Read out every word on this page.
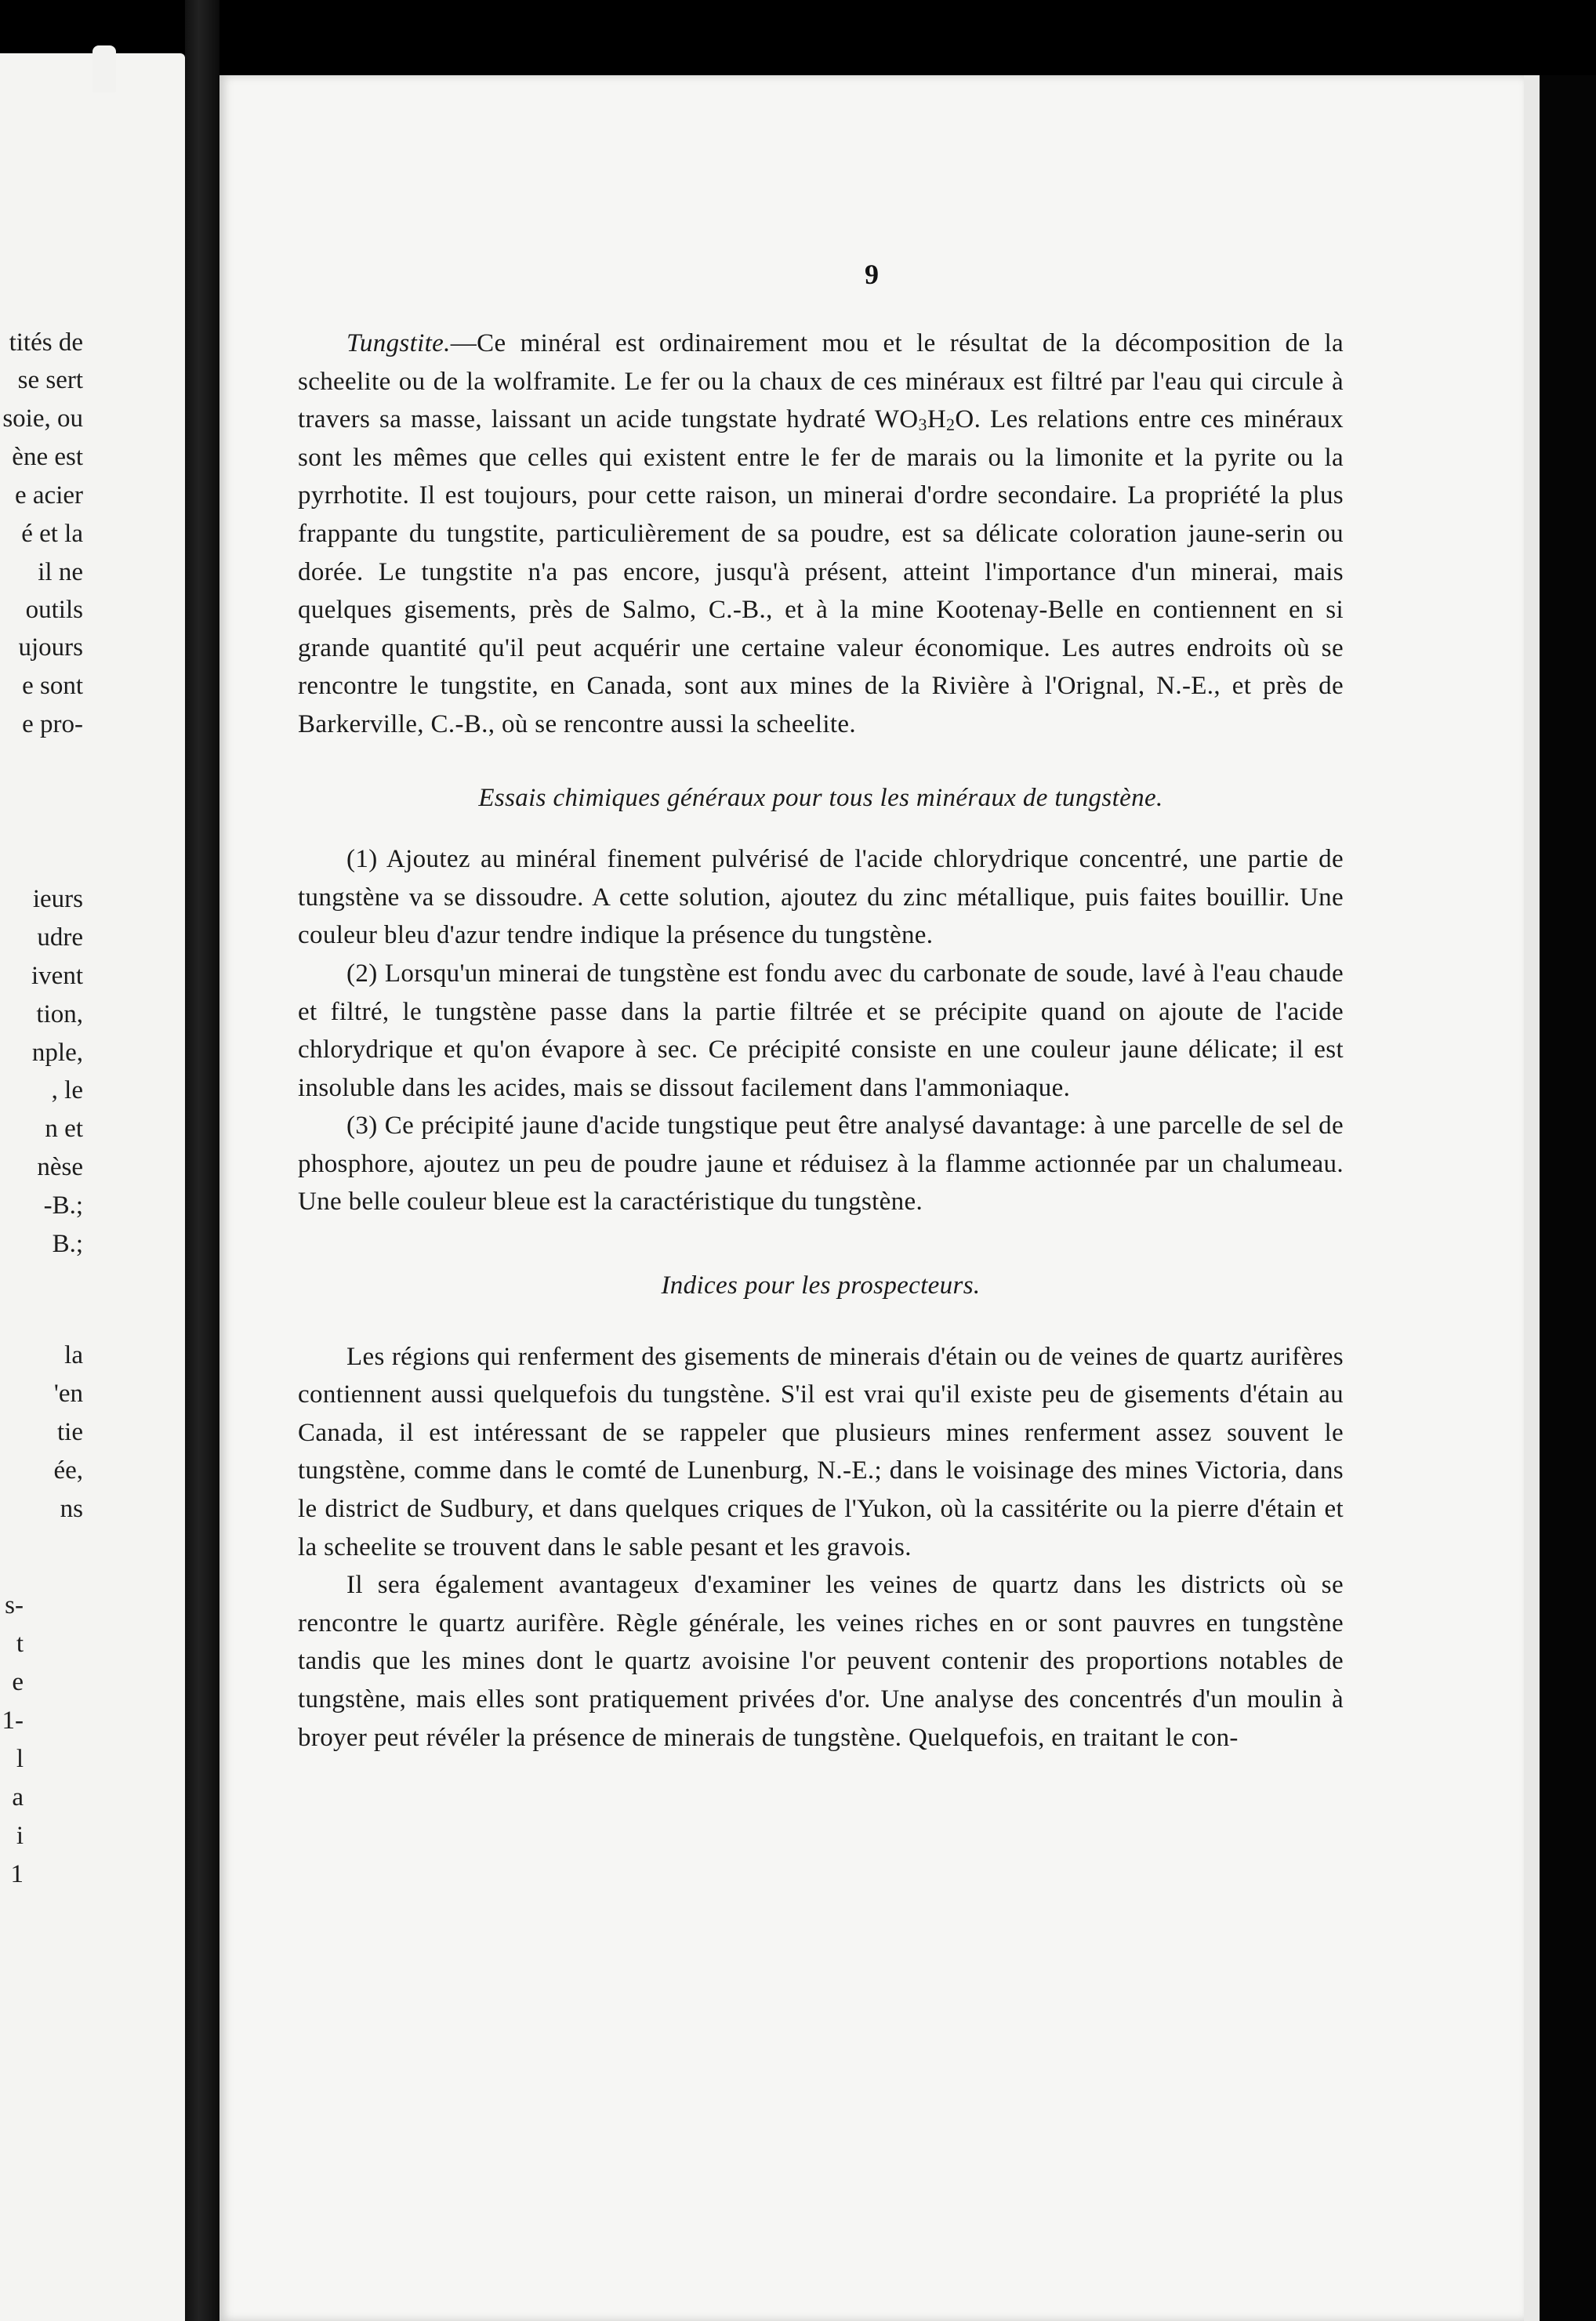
tités de
se sert
soie, ou
ène est
e acier
é et la
il ne
outils
ujours
e sont
e pro-
ieurs
udre
ivent
tion,
nple,
, le
n et
nèse
-B.;
B.;
la
'en
tie
ée,
ns
s-
t
e
1-
l
a
i
1
9

Tungstite.—Ce minéral est ordinairement mou et le résultat de la décomposition de la scheelite ou de la wolframite. Le fer ou la chaux de ces minéraux est filtré par l'eau qui circule à travers sa masse, laissant un acide tungstate hydraté $WO_3H_2O$. Les relations entre ces minéraux sont les mêmes que celles qui existent entre le fer de marais ou la limonite et la pyrite ou la pyrrhotite. Il est toujours, pour cette raison, un minerai d'ordre secondaire. La propriété la plus frappante du tungstite, particulièrement de sa poudre, est sa délicate coloration jaune-serin ou dorée. Le tungstite n'a pas encore, jusqu'à présent, atteint l'importance d'un minerai, mais quelques gisements, près de Salmo, C.-B., et à la mine Kootenay-Belle en contiennent en si grande quantité qu'il peut acquérir une certaine valeur économique. Les autres endroits où se rencontre le tungstite, en Canada, sont aux mines de la Rivière à l'Orignal, N.-E., et près de Barkerville, C.-B., où se rencontre aussi la scheelite.

Essais chimiques généraux pour tous les minéraux de tungstène.

(1) Ajoutez au minéral finement pulvérisé de l'acide chlorydrique concentré, une partie de tungstène va se dissoudre. A cette solution, ajoutez du zinc métallique, puis faites bouillir. Une couleur bleu d'azur tendre indique la présence du tungstène.

(2) Lorsqu'un minerai de tungstène est fondu avec du carbonate de soude, lavé à l'eau chaude et filtré, le tungstène passe dans la partie filtrée et se précipite quand on ajoute de l'acide chlorydrique et qu'on évapore à sec. Ce précipité consiste en une couleur jaune délicate; il est insoluble dans les acides, mais se dissout facilement dans l'ammoniaque.

(3) Ce précipité jaune d'acide tungstique peut être analysé davantage: à une parcelle de sel de phosphore, ajoutez un peu de poudre jaune et réduisez à la flamme actionnée par un chalumeau. Une belle couleur bleue est la caractéristique du tungstène.

Indices pour les prospecteurs.

Les régions qui renferment des gisements de minerais d'étain ou de veines de quartz aurifères contiennent aussi quelquefois du tungstène. S'il est vrai qu'il existe peu de gisements d'étain au Canada, il est intéressant de se rappeler que plusieurs mines renferment assez souvent le tungstène, comme dans le comté de Lunenburg, N.-E.; dans le voisinage des mines Victoria, dans le district de Sudbury, et dans quelques criques de l'Yukon, où la cassitérite ou la pierre d'étain et la scheelite se trouvent dans le sable pesant et les gravois.

Il sera également avantageux d'examiner les veines de quartz dans les districts où se rencontre le quartz aurifère. Règle générale, les veines riches en or sont pauvres en tungstène tandis que les mines dont le quartz avoisine l'or peuvent contenir des proportions notables de tungstène, mais elles sont pratiquement privées d'or. Une analyse des concentrés d'un moulin à broyer peut révéler la présence de minerais de tungstène. Quelquefois, en traitant le con-
